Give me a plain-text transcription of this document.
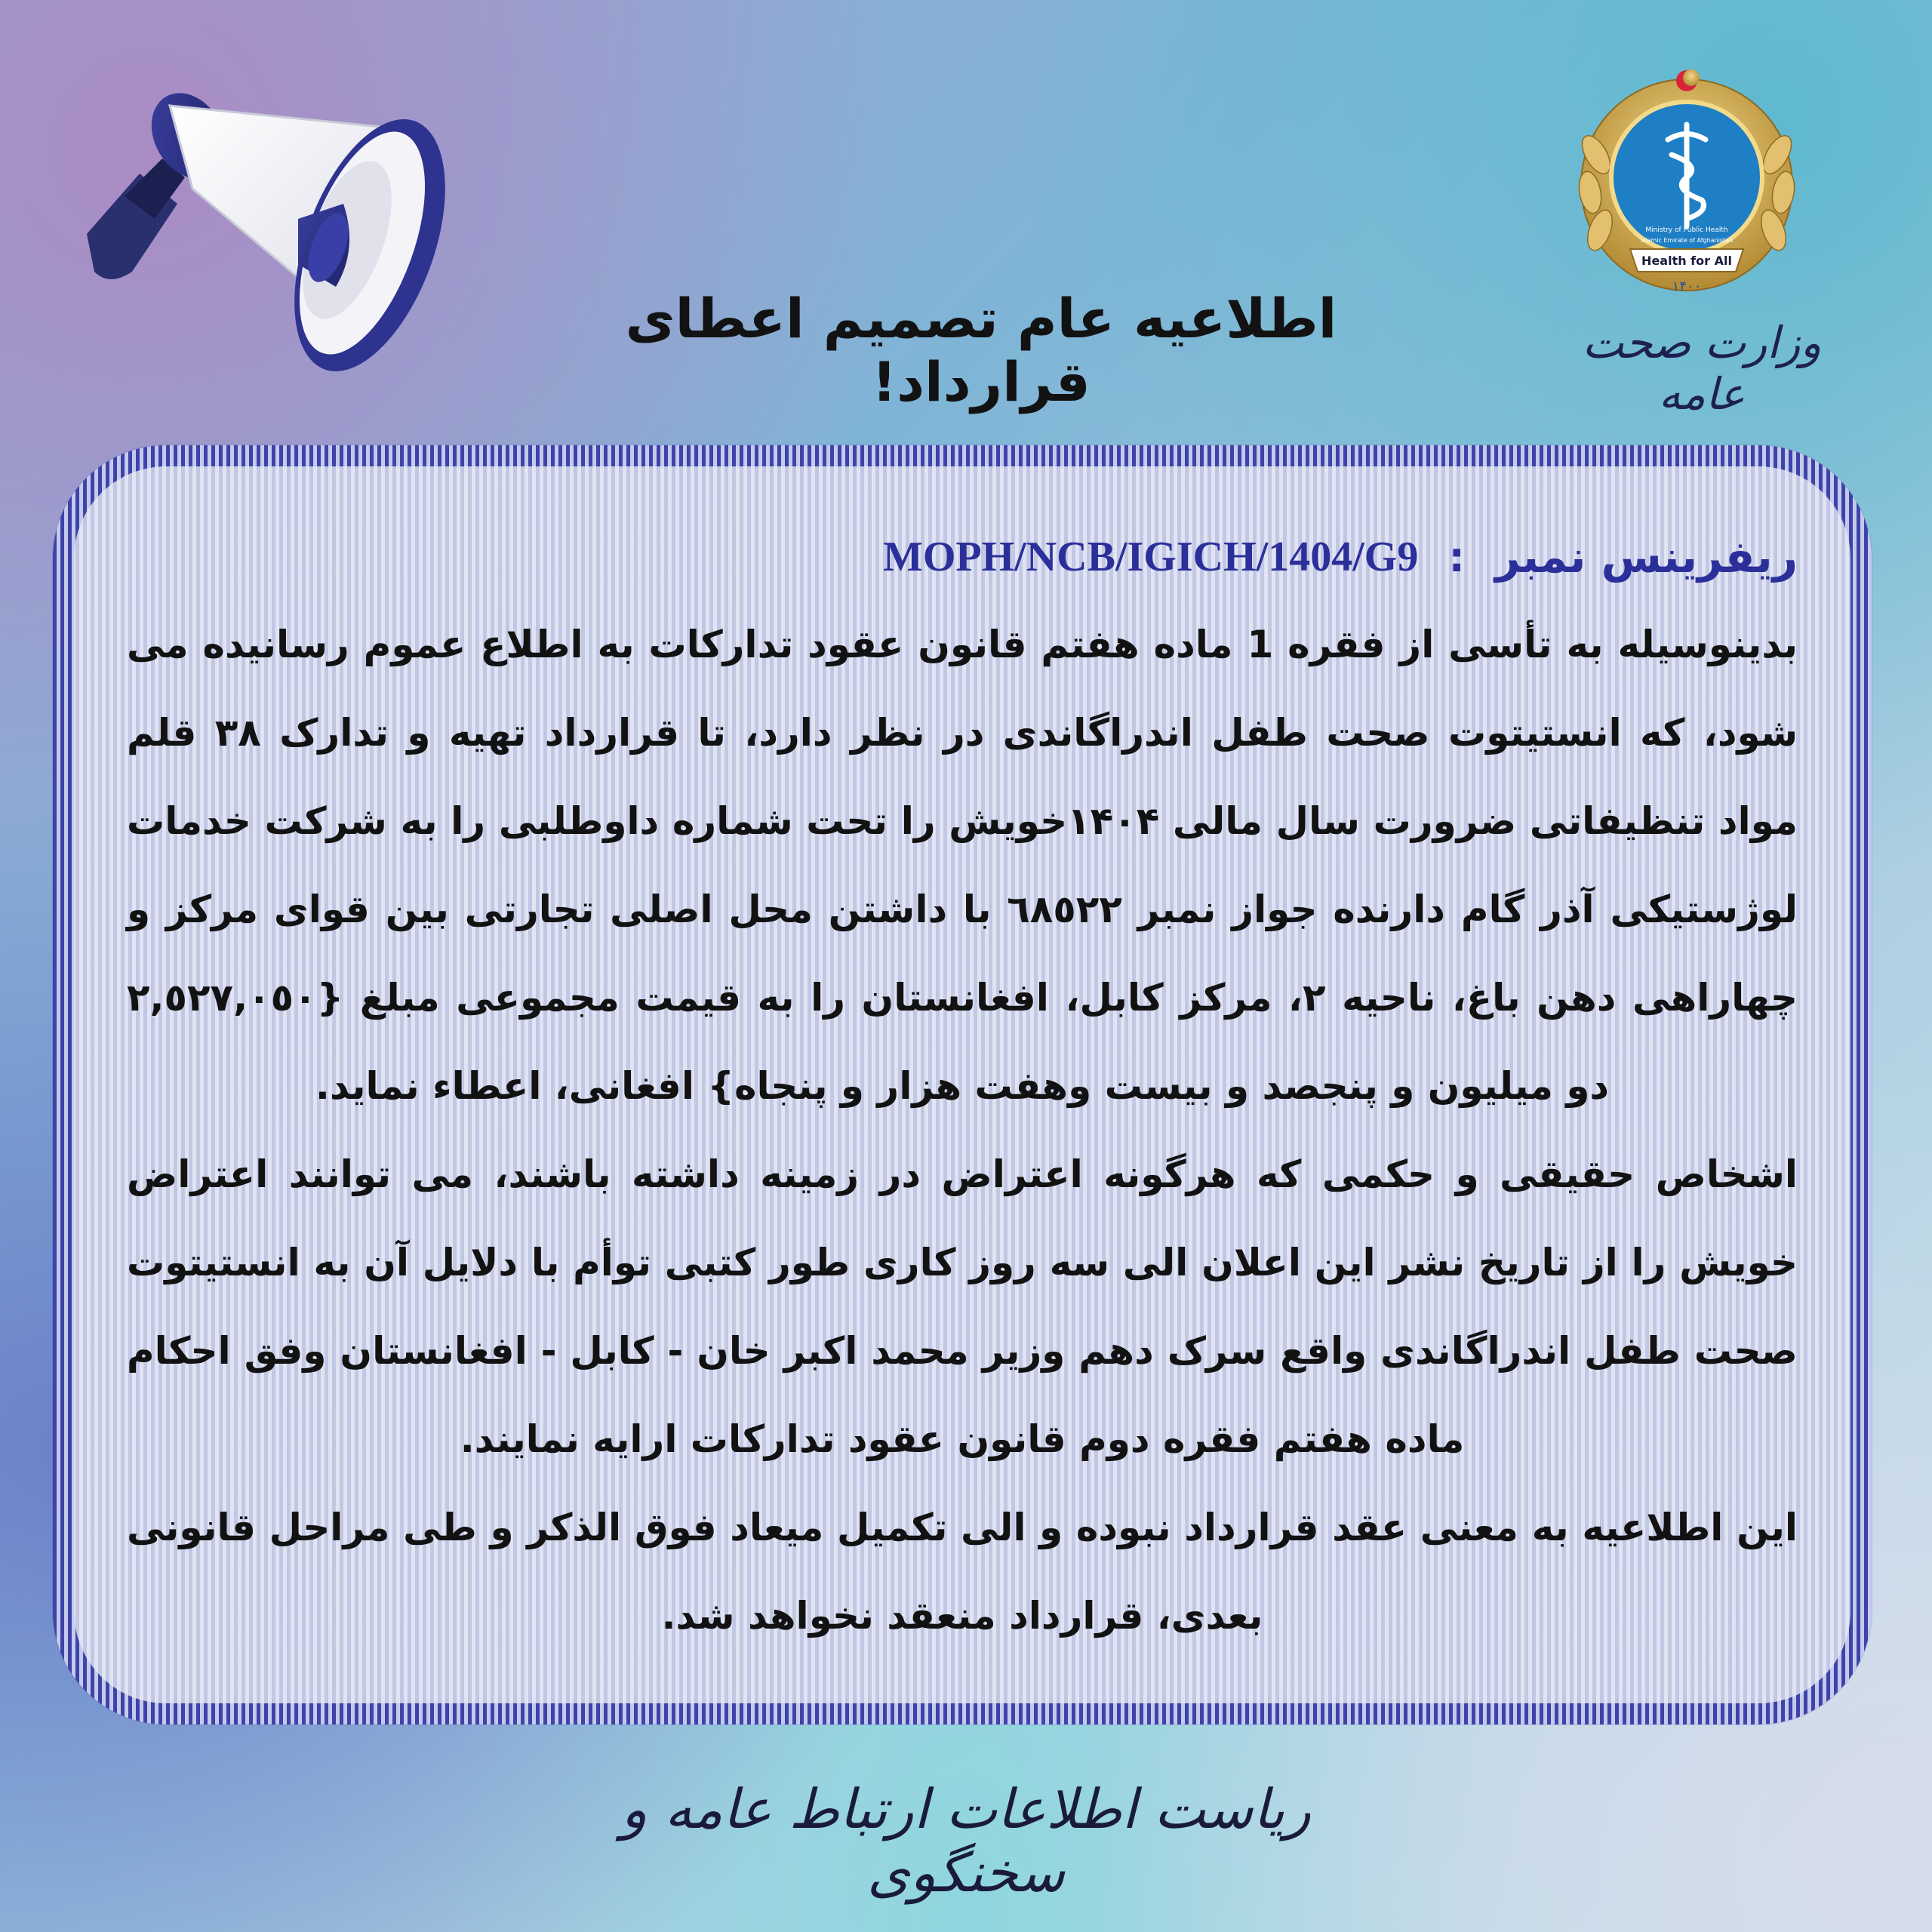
Health for All
Ministry of Public Health
Islamic Emirate of Afghanistan
۱۴۰۰
وزارت صحت عامه
اطلاعیه عام تصمیم اعطای قرارداد!
ریفرینس نمبر
:
MOPH/NCB/IGICH/1404/G9

بدینوسیله به تأسی از فقره 1 ماده هفتم قانون عقود تدارکات به اطلاع عموم رسانیده می شود، که انستیتوت صحت طفل اندراگاندی در نظر دارد، تا قرارداد تهیه و تدارک ۳۸ قلم مواد تنظیفاتی ضرورت سال مالی ۱۴۰۴خویش را تحت شماره داوطلبی را به شرکت خدمات لوژستیکی آذر گام دارنده جواز نمبر ٦٨٥٢٢ با داشتن محل اصلی تجارتی بین قوای مرکز و چهاراهی دهن باغ، ناحیه ۲، مرکز کابل، افغانستان را به قیمت مجموعی مبلغ {٢,٥٢٧,٠٥٠ دو میلیون و پنجصد و بیست وهفت هزار و پنجاه} افغانی، اعطاء نماید.

اشخاص حقیقی و حکمی که هرگونه اعتراض در زمینه داشته باشند، می توانند اعتراض خویش را از تاریخ نشر این اعلان الی سه روز کاری طور کتبی توأم با دلایل آن به انستیتوت صحت طفل اندراگاندی واقع سرک دهم وزیر محمد اکبر خان - کابل - افغانستان وفق احکام ماده هفتم فقره دوم قانون عقود تدارکات ارایه نمایند.

این اطلاعیه به معنی عقد قرارداد نبوده و الی تکمیل میعاد فوق الذکر و طی مراحل قانونی بعدی، قرارداد منعقد نخواهد شد.

ریاست اطلاعات ارتباط عامه و سخنگوی
